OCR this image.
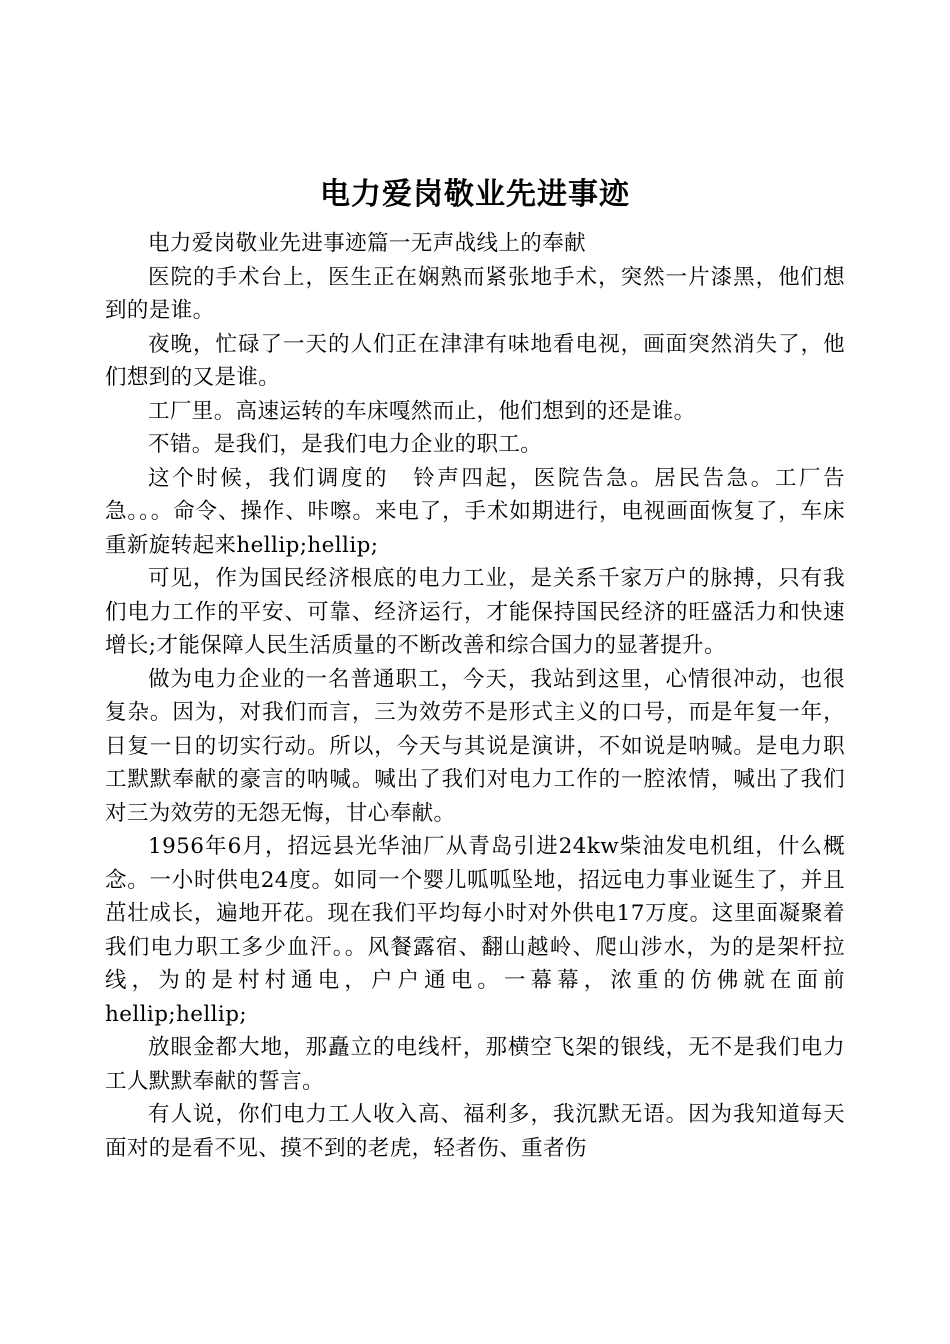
电力爱岗敬业先进事迹

电力爱岗敬业先进事迹篇一无声战线上的奉献

医院的手术台上，医生正在娴熟而紧张地手术，突然一片漆黑，他们想到的是谁。

夜晚，忙碌了一天的人们正在津津有味地看电视，画面突然消失了，他们想到的又是谁。

工厂里。高速运转的车床嘎然而止，他们想到的还是谁。

不错。是我们，是我们电力企业的职工。

这个时候，我们调度的　铃声四起，医院告急。居民告急。工厂告急。。。命令、操作、咔嚓。来电了，手术如期进行，电视画面恢复了，车床重新旋转起来hellip;hellip;

可见，作为国民经济根底的电力工业，是关系千家万户的脉搏，只有我们电力工作的平安、可靠、经济运行，才能保持国民经济的旺盛活力和快速增长;才能保障人民生活质量的不断改善和综合国力的显著提升。

做为电力企业的一名普通职工，今天，我站到这里，心情很冲动，也很复杂。因为，对我们而言，三为效劳不是形式主义的口号，而是年复一年，日复一日的切实行动。所以，今天与其说是演讲，不如说是呐喊。是电力职工默默奉献的豪言的呐喊。喊出了我们对电力工作的一腔浓情，喊出了我们对三为效劳的无怨无悔，甘心奉献。

1956年6月，招远县光华油厂从青岛引进24kw柴油发电机组，什么概念。一小时供电24度。如同一个婴儿呱呱坠地，招远电力事业诞生了，并且茁壮成长，遍地开花。现在我们平均每小时对外供电17万度。这里面凝聚着我们电力职工多少血汗。。风餐露宿、翻山越岭、爬山涉水，为的是架杆拉线，为的是村村通电，户户通电。一幕幕，浓重的仿佛就在面前hellip;hellip;

放眼金都大地，那矗立的电线杆，那横空飞架的银线，无不是我们电力工人默默奉献的誓言。

有人说，你们电力工人收入高、福利多，我沉默无语。因为我知道每天面对的是看不见、摸不到的老虎，轻者伤、重者伤
